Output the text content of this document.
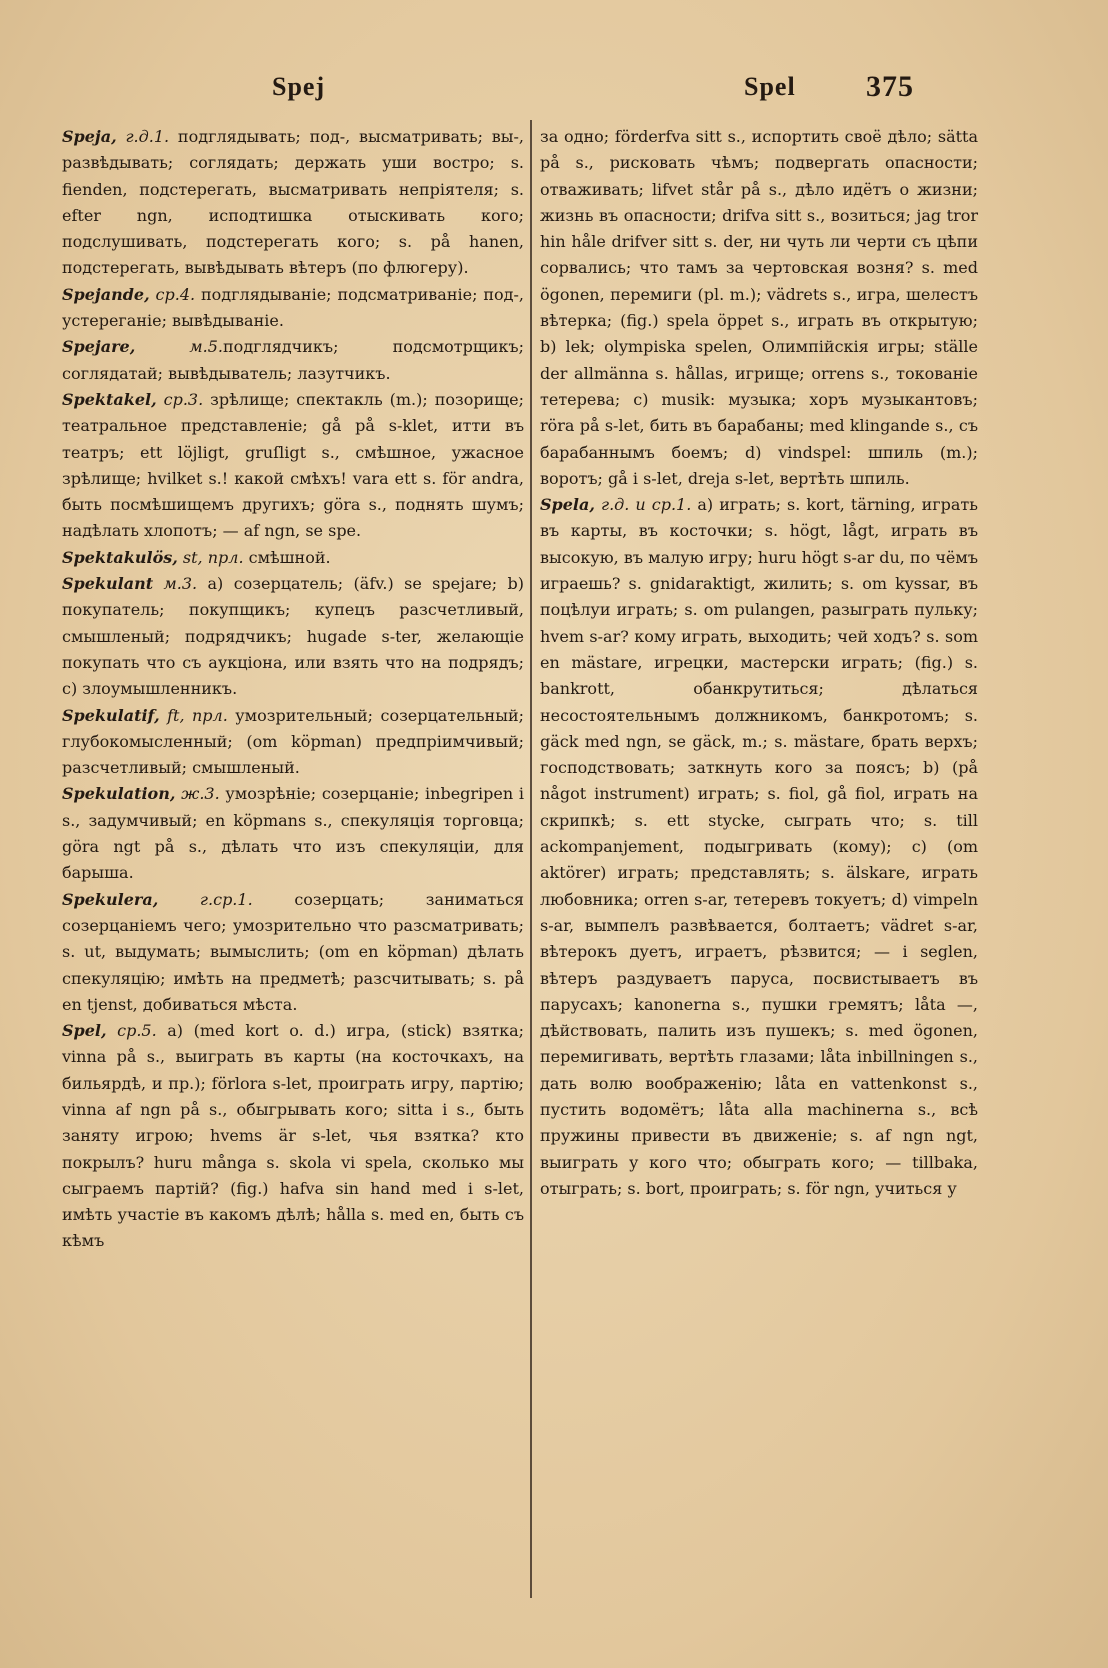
Spej	Spel 375

Speja, г.д.1. подглядывать; под-, высматривать; вы-, развѣдывать; соглядать; держать уши востро; s. fienden, подстерегать, высматривать непріятеля; s. efter ngn, исподтишка отыскивать кого; подслушивать, подстерегать кого; s. på hanen, подстерегать, вывѣдывать вѣтеръ (по флюгеру).

Spejande, ср.4. подглядываніе; подсматриваніе; под-, устереганіе; вывѣдываніе.

Spejare, м.5.подглядчикъ; подсмотрщикъ; соглядатай; вывѣдыватель; лазутчикъ.

Spektakel, ср.3. зрѣлище; спектакль (m.); позорище; театральное представленіе; gå på s-klet, итти въ театръ; ett löjligt, gruſligt s., смѣшное, ужасное зрѣлище; hvilket s.! какой смѣхъ! vara ett s. för andra, быть посмѣшищемъ другихъ; göra s., поднять шумъ; надѣлать хлопотъ; — af ngn, se spe.

Spektakulös, st, прл. смѣшной.

Spekulant м.3. a) созерцатель; (äfv.) se spejare; b) покупатель; покупщикъ; купецъ разсчетливый, смышленый; подрядчикъ; hugade s-ter, желающіе покупать что съ аукціона, или взять что на подрядъ; c) злоумышленникъ.

Spekulatif, ft, прл. умозрительный; созерцательный; глубокомысленный; (om köpman) предпріимчивый; разсчетливый; смышленый.

Spekulation, ж.3. умозрѣніе; созерцаніе; inbegripen i s., задумчивый; en köpmans s., спекуляція торговца; göra ngt på s., дѣлать что изъ спекуляціи, для барыша.

Spekulera, г.ср.1. созерцать; заниматься созерцаніемъ чего; умозрительно что разсматривать; s. ut, выдумать; вымыслить; (om en köpman) дѣлать спекуляцію; имѣть на предметѣ; разсчитывать; s. på en tjenst, добиваться мѣста.

Spel, ср.5. a) (med kort o. d.) игра, (stick) взятка; vinna på s., выиграть въ карты (на косточкахъ, на бильярдѣ, и пр.); förlora s-let, проиграть игру, партію; vinna af ngn på s., обыгрывать кого; sitta i s., быть занятy игрою; hvems är s-let, чья взятка? кто покрылъ? huru många s. skola vi spela, сколько мы сыграемъ партій? (fig.) hafva sin hand med i s-let, имѣть участіе въ какомъ дѣлѣ; hålla s. med en, быть съ кѣмъ

за одно; förderfva sitt s., испортить своё дѣло; sätta på s., рисковать чѣмъ; подвергать опасности; отваживать; lifvet står på s., дѣло идётъ о жизни; жизнь въ опасности; drifva sitt s., возиться; jag tror hin håle drifver sitt s. der, ни чуть ли черти съ цѣпи сорвались; что тамъ за чертовская возня? s. med ögonen, перемиги (pl. m.); vädrets s., игра, шелестъ вѣтерка; (fig.) spela öppet s., играть въ открытую; b) lek; olympiska spelen, Олимпійскія игры; ställe der allmänna s. hållas, игрище; orrens s., токованіе тетерева; c) musik: музыка; хоръ музыкантовъ; röra på s-let, бить въ барабаны; med klingande s., съ барабаннымъ боемъ; d) vindspel: шпиль (m.); воротъ; gå i s-let, dreja s-let, вертѣть шпиль.

Spela, г.д. и ср.1. a) играть; s. kort, tärning, играть въ карты, въ косточки; s. högt, lågt, играть въ высокую, въ малую игру; huru högt s-ar du, по чёмъ играешь? s. gnidaraktigt, жилить; s. om kyssar, въ поцѣлуи играть; s. om pulangen, разыграть пульку; hvem s-ar? кому играть, выходить; чей ходъ? s. som en mästare, игрецки, мастерски играть; (fig.) s. bankrott, обанкрутиться; дѣлаться несостоятельнымъ должникомъ, банкротомъ; s. gäck med ngn, se gäck, m.; s. mästare, брать верхъ; господствовать; заткнуть кого за поясъ; b) (på något instrument) играть; s. fiol, gå fiol, играть на скрипкѣ; s. ett stycke, сыграть что; s. till ackompanjement, подыгривать (кому); c) (om aktörer) играть; представлять; s. älskare, играть любовника; orren s-ar, тетеревъ токуетъ; d) vimpeln s-ar, вымпелъ развѣвается, болтаетъ; vädret s-ar, вѣтерокъ дуетъ, играетъ, рѣзвится; — i seglen, вѣтеръ раздуваетъ паруса, посвистываетъ въ парусахъ; kanonerna s., пушки гремятъ; låta —, дѣйствовать, палить изъ пушекъ; s. med ögonen, перемигивать, вертѣть глазами; låta inbillningen s., дать волю воображенію; låta en vattenkonst s., пустить водомётъ; låta alla machinerna s., всѣ пружины привести въ движеніе; s. af ngn ngt, выиграть у кого что; обыграть кого; — tillbaka, отыграть; s. bort, проиграть; s. för ngn, учиться у
